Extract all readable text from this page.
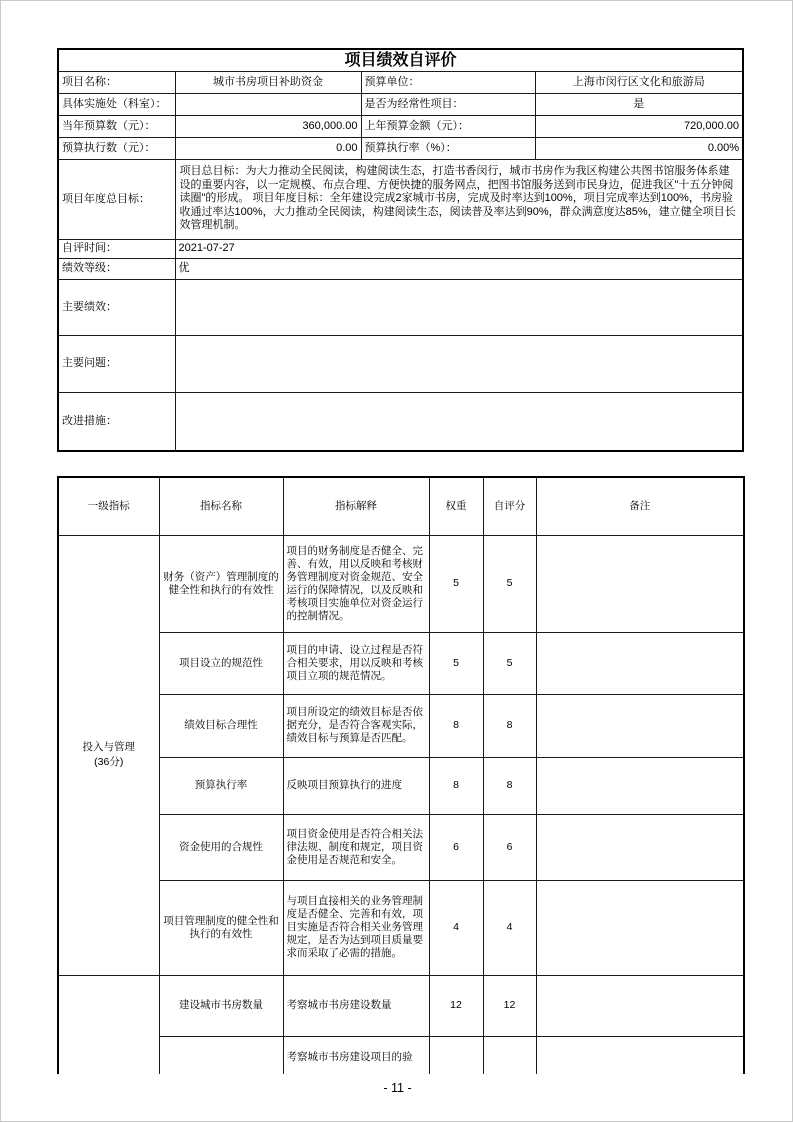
项目绩效自评价			
项目名称：	城市书房项目补助资金	预算单位：	上海市闵行区文化和旅游局
具体实施处（科室）：		是否为经常性项目：	是
当年预算数（元）：	360,000.00	上年预算金额（元）：	720,000.00
预算执行数（元）：	0.00	预算执行率（%）：	0.00%
项目年度总目标：	项目总目标：为大力推动全民阅读，构建阅读生态，打造书香闵行，城市书房作为我区构建公共图书馆服务体系建设的重要内容，以一定规模、布点合理、方便快捷的服务网点，把图书馆服务送到市民身边，促进我区"十五分钟阅读圈"的形成。 项目年度目标：全年建设完成2家城市书房，完成及时率达到100%，项目完成率达到100%，书房验收通过率达100%，大力推动全民阅读，构建阅读生态，阅读普及率达到90%，群众满意度达85%，建立健全项目长效管理机制。		
自评时间：	2021-07-27		
绩效等级：	优		
主要绩效：			
主要问题：			
改进措施：			
一级指标	指标名称	指标解释	权重	自评分	备注

投入与管理
(36分)	财务（资产）管理制度的健全性和执行的有效性	项目的财务制度是否健全、完善、有效，用以反映和考核财务管理制度对资金规范、安全运行的保障情况，以及反映和考核项目实施单位对资金运行的控制情况。	5	5	
	项目设立的规范性	项目的申请、设立过程是否符合相关要求，用以反映和考核项目立项的规范情况。	5	5	
	绩效目标合理性	项目所设定的绩效目标是否依据充分，是否符合客观实际，绩效目标与预算是否匹配。	8	8	
	预算执行率	反映项目预算执行的进度	8	8	
	资金使用的合规性	项目资金使用是否符合相关法律法规、制度和规定，项目资金使用是否规范和安全。	6	6	
	项目管理制度的健全性和执行的有效性	与项目直接相关的业务管理制度是否健全、完善和有效，项目实施是否符合相关业务管理规定，是否为达到项目质量要求而采取了必需的措施。	4	4	

	建设城市书房数量	考察城市书房建设数量	12	12	
		考察城市书房建设项目的验			
- 11 -
